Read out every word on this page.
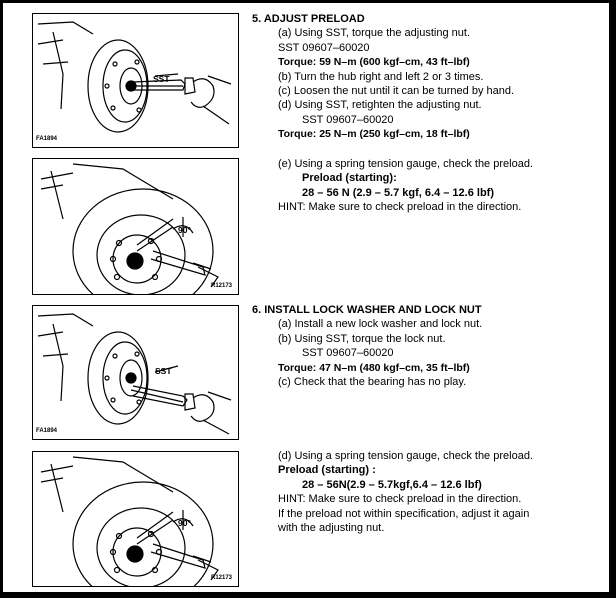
SST
FA1894
90°
R12173
SST
FA1894
90°
R12173
5. ADJUST PRELOAD
(a) Using SST, torque the adjusting nut.
SST 09607–60020
Torque: 59 N–m (600 kgf–cm, 43 ft–lbf)
(b) Turn the hub right and left 2 or 3 times.
(c) Loosen the nut until it can be turned by hand.
(d) Using SST, retighten the adjusting nut.
SST 09607–60020
Torque: 25 N–m (250 kgf–cm, 18 ft–lbf)
(e) Using a spring tension gauge, check the preload.
Preload (starting):
28 – 56 N (2.9 – 5.7 kgf, 6.4 – 12.6 lbf)
HINT: Make sure to check preload in the direction.
6. INSTALL LOCK WASHER AND LOCK NUT
(a) Install a new lock washer and lock nut.
(b) Using SST, torque the lock nut.
SST 09607–60020
Torque: 47 N–m (480 kgf–cm, 35 ft–lbf)
(c) Check that the bearing has no play.
(d) Using a spring tension gauge, check the preload.
Preload (starting) :
28 – 56N(2.9 – 5.7kgf,6.4 – 12.6 lbf)
HINT: Make sure to check preload in the direction.
If the preload not within specification, adjust it again
with the adjusting nut.
